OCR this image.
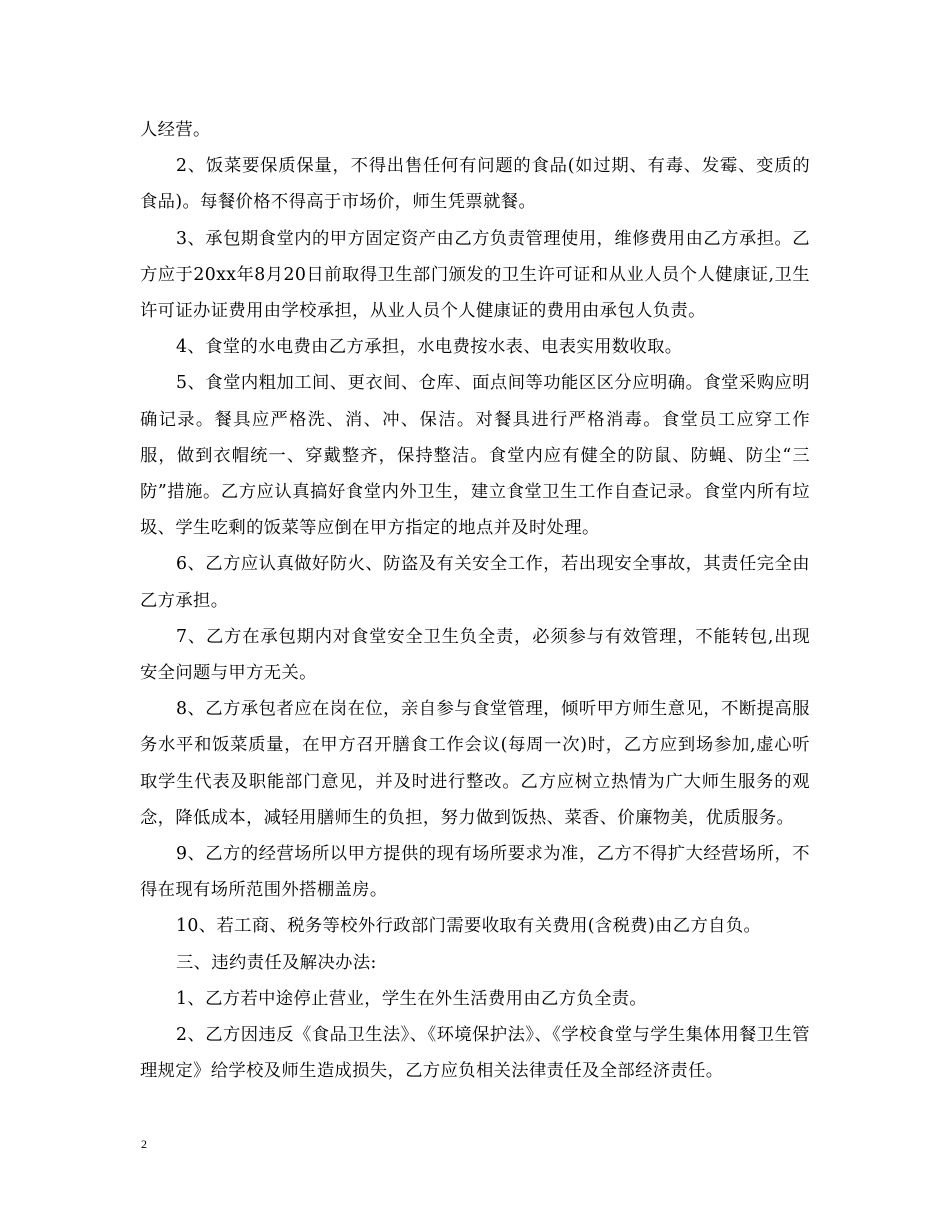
人经营。

2、饭菜要保质保量，不得出售任何有问题的食品(如过期、有毒、发霉、变质的食品)。每餐价格不得高于市场价，师生凭票就餐。

3、承包期食堂内的甲方固定资产由乙方负责管理使用，维修费用由乙方承担。乙方应于20xx年8月20日前取得卫生部门颁发的卫生许可证和从业人员个人健康证,卫生许可证办证费用由学校承担，从业人员个人健康证的费用由承包人负责。

4、食堂的水电费由乙方承担，水电费按水表、电表实用数收取。

5、食堂内粗加工间、更衣间、仓库、面点间等功能区区分应明确。食堂采购应明确记录。餐具应严格洗、消、冲、保洁。对餐具进行严格消毒。食堂员工应穿工作服，做到衣帽统一、穿戴整齐，保持整洁。食堂内应有健全的防鼠、防蝇、防尘“三防”措施。乙方应认真搞好食堂内外卫生，建立食堂卫生工作自查记录。食堂内所有垃圾、学生吃剩的饭菜等应倒在甲方指定的地点并及时处理。

6、乙方应认真做好防火、防盗及有关安全工作，若出现安全事故，其责任完全由乙方承担。

7、乙方在承包期内对食堂安全卫生负全责，必须参与有效管理，不能转包,出现安全问题与甲方无关。

8、乙方承包者应在岗在位，亲自参与食堂管理，倾听甲方师生意见，不断提高服务水平和饭菜质量，在甲方召开膳食工作会议(每周一次)时，乙方应到场参加,虚心听取学生代表及职能部门意见，并及时进行整改。乙方应树立热情为广大师生服务的观念，降低成本，减轻用膳师生的负担，努力做到饭热、菜香、价廉物美，优质服务。

9、乙方的经营场所以甲方提供的现有场所要求为准，乙方不得扩大经营场所，不得在现有场所范围外搭棚盖房。

10、若工商、税务等校外行政部门需要收取有关费用(含税费)由乙方自负。

三、违约责任及解决办法:

1、乙方若中途停止营业，学生在外生活费用由乙方负全责。

2、乙方因违反《食品卫生法》、《环境保护法》、《学校食堂与学生集体用餐卫生管理规定》给学校及师生造成损失，乙方应负相关法律责任及全部经济责任。

2
